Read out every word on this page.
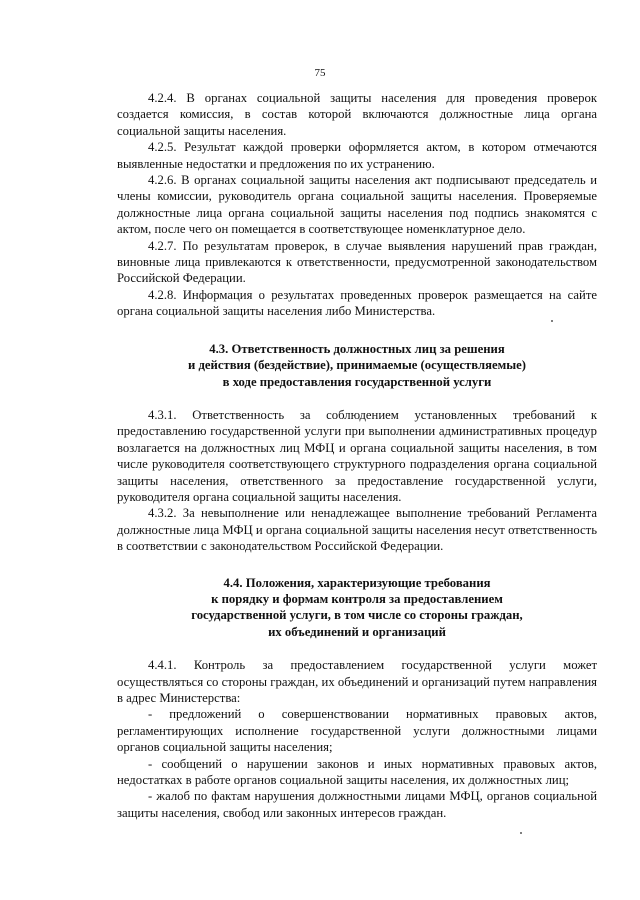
75

4.2.4. В органах социальной защиты населения для проведения проверок создается комиссия, в состав которой включаются должностные лица органа социальной защиты населения.

4.2.5. Результат каждой проверки оформляется актом, в котором отмечаются выявленные недостатки и предложения по их устранению.

4.2.6. В органах социальной защиты населения акт подписывают председатель и члены комиссии, руководитель органа социальной защиты населения. Проверяемые должностные лица органа социальной защиты населения под подпись знакомятся с актом, после чего он помещается в соответствующее номенклатурное дело.

4.2.7. По результатам проверок, в случае выявления нарушений прав граждан, виновные лица привлекаются к ответственности, предусмотренной законодательством Российской Федерации.

4.2.8. Информация о результатах проведенных проверок размещается на сайте органа социальной защиты населения либо Министерства.

4.3. Ответственность должностных лиц за решения
и действия (бездействие), принимаемые (осуществляемые)
в ходе предоставления государственной услуги

4.3.1. Ответственность за соблюдением установленных требований к предоставлению государственной услуги при выполнении административных процедур возлагается на должностных лиц МФЦ и органа социальной защиты населения, в том числе руководителя соответствующего структурного подразделения органа социальной защиты населения, ответственного за предоставление государственной услуги, руководителя органа социальной защиты населения.

4.3.2. За невыполнение или ненадлежащее выполнение требований Регламента должностные лица МФЦ и органа социальной защиты населения несут ответственность в соответствии с законодательством Российской Федерации.

4.4. Положения, характеризующие требования
к порядку и формам контроля за предоставлением
государственной услуги, в том числе со стороны граждан,
их объединений и организаций

4.4.1. Контроль за предоставлением государственной услуги может осуществляться со стороны граждан, их объединений и организаций путем направления в адрес Министерства:

- предложений о совершенствовании нормативных правовых актов, регламентирующих исполнение государственной услуги должностными лицами органов социальной защиты населения;

- сообщений о нарушении законов и иных нормативных правовых актов, недостатках в работе органов социальной защиты населения, их должностных лиц;

- жалоб по фактам нарушения должностными лицами МФЦ, органов социальной защиты населения, свобод или законных интересов граждан.
